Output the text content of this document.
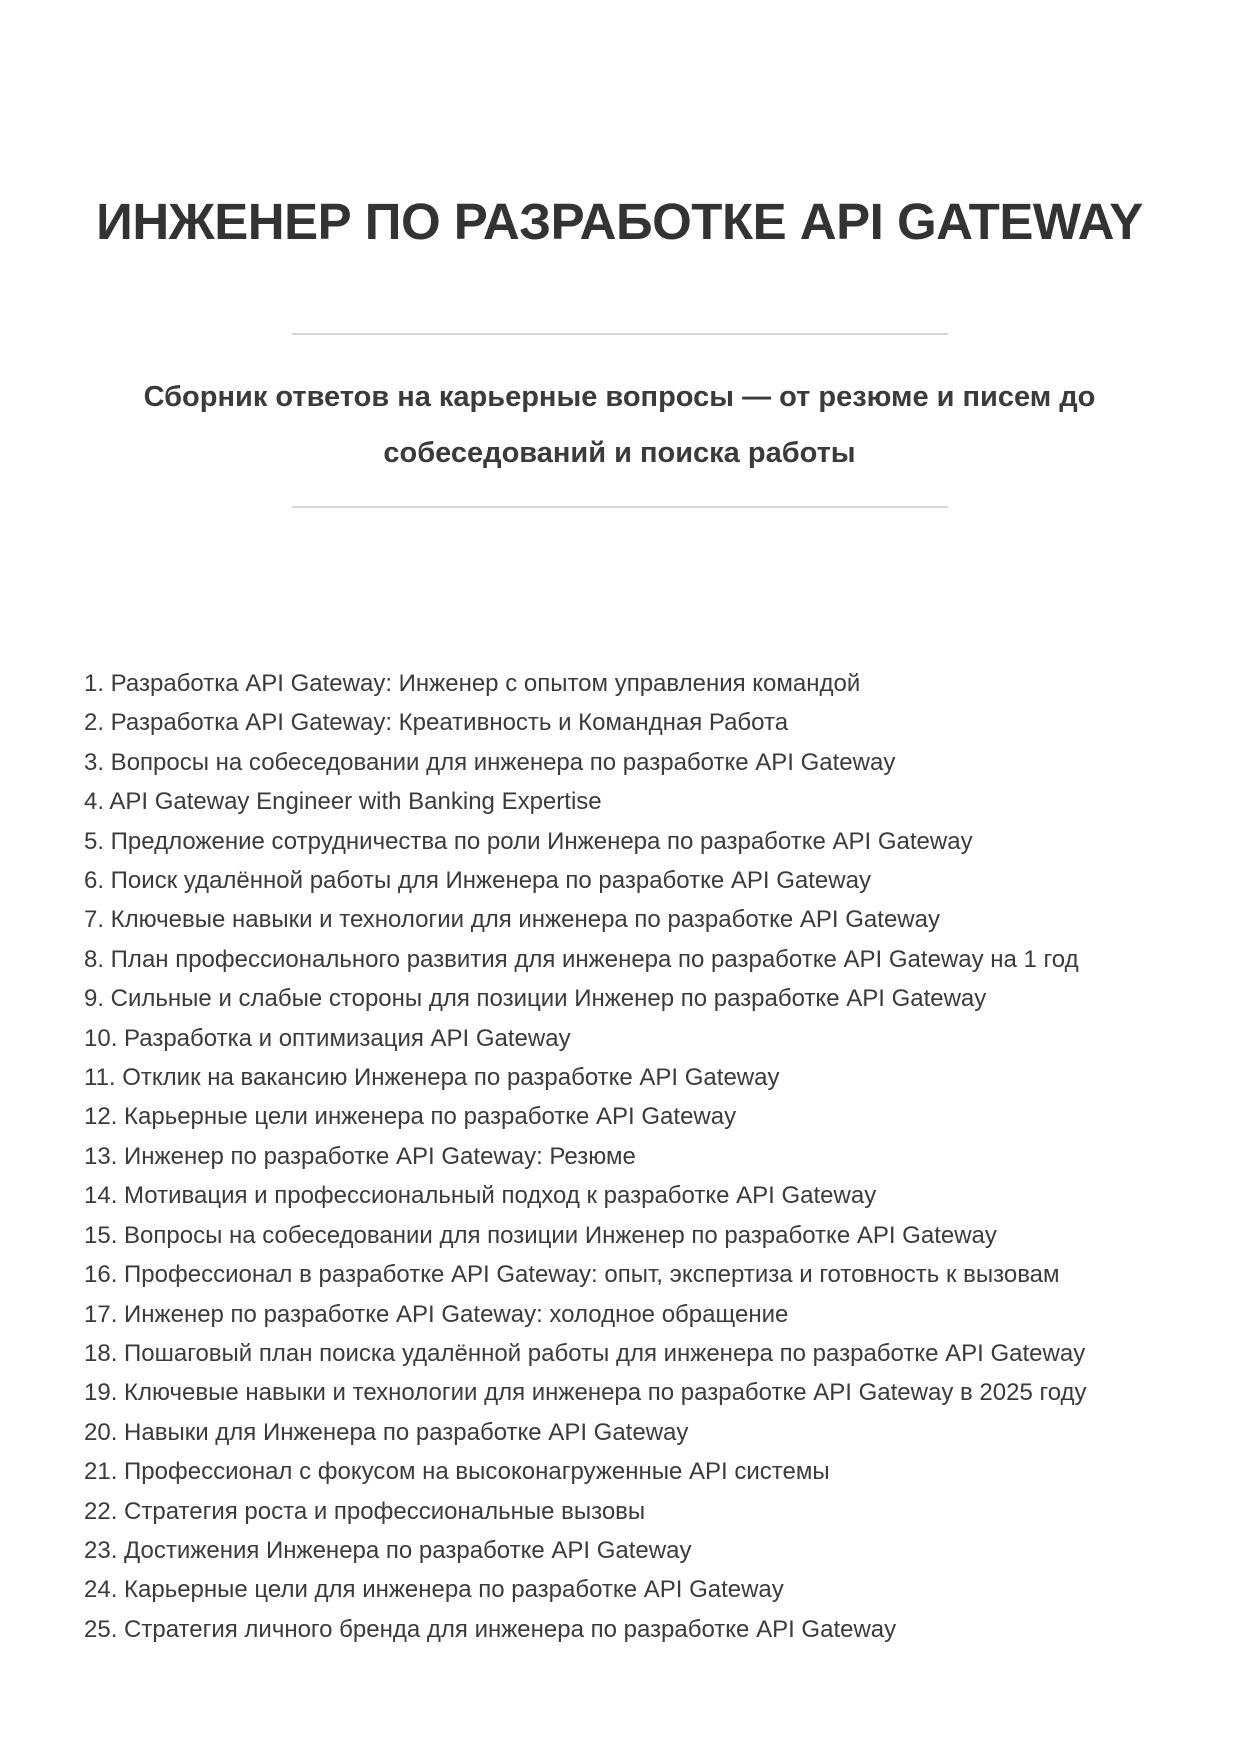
ИНЖЕНЕР ПО РАЗРАБОТКЕ API GATEWAY
Сборник ответов на карьерные вопросы — от резюме и писем до
собеседований и поиска работы
1. Разработка API Gateway: Инженер с опытом управления командой
2. Разработка API Gateway: Креативность и Командная Работа
3. Вопросы на собеседовании для инженера по разработке API Gateway
4. API Gateway Engineer with Banking Expertise
5. Предложение сотрудничества по роли Инженера по разработке API Gateway
6. Поиск удалённой работы для Инженера по разработке API Gateway
7. Ключевые навыки и технологии для инженера по разработке API Gateway
8. План профессионального развития для инженера по разработке API Gateway на 1 год
9. Сильные и слабые стороны для позиции Инженер по разработке API Gateway
10. Разработка и оптимизация API Gateway
11. Отклик на вакансию Инженера по разработке API Gateway
12. Карьерные цели инженера по разработке API Gateway
13. Инженер по разработке API Gateway: Резюме
14. Мотивация и профессиональный подход к разработке API Gateway
15. Вопросы на собеседовании для позиции Инженер по разработке API Gateway
16. Профессионал в разработке API Gateway: опыт, экспертиза и готовность к вызовам
17. Инженер по разработке API Gateway: холодное обращение
18. Пошаговый план поиска удалённой работы для инженера по разработке API Gateway
19. Ключевые навыки и технологии для инженера по разработке API Gateway в 2025 году
20. Навыки для Инженера по разработке API Gateway
21. Профессионал с фокусом на высоконагруженные API системы
22. Стратегия роста и профессиональные вызовы
23. Достижения Инженера по разработке API Gateway
24. Карьерные цели для инженера по разработке API Gateway
25. Стратегия личного бренда для инженера по разработке API Gateway
